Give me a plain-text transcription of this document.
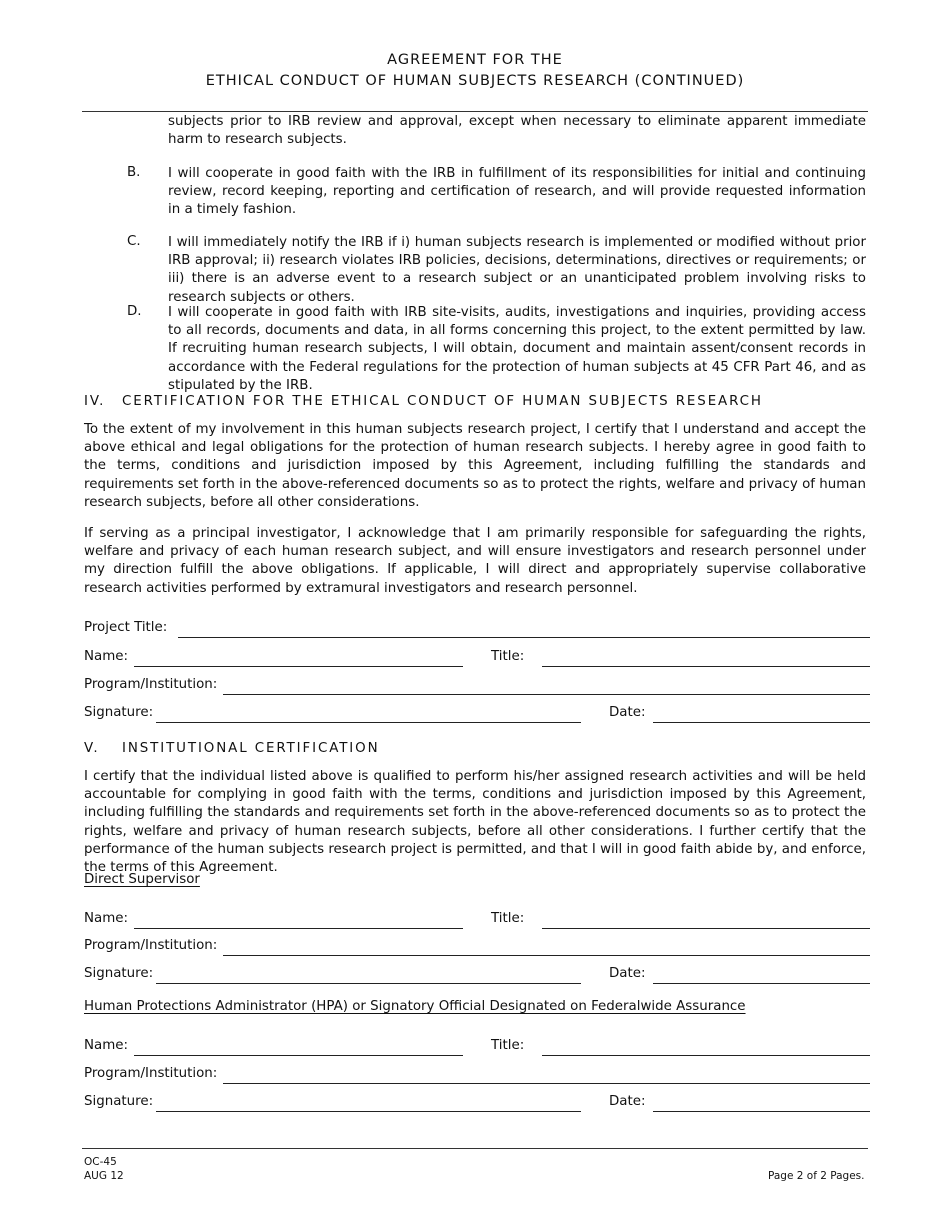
AGREEMENT FOR THE
ETHICAL CONDUCT OF HUMAN SUBJECTS RESEARCH (CONTINUED)
subjects prior to IRB review and approval, except when necessary to eliminate apparent immediate harm to research subjects.
B. I will cooperate in good faith with the IRB in fulfillment of its responsibilities for initial and continuing review, record keeping, reporting and certification of research, and will provide requested information in a timely fashion.
C. I will immediately notify the IRB if i) human subjects research is implemented or modified without prior IRB approval; ii) research violates IRB policies, decisions, determinations, directives or requirements; or iii) there is an adverse event to a research subject or an unanticipated problem involving risks to research subjects or others.
D. I will cooperate in good faith with IRB site-visits, audits, investigations and inquiries, providing access to all records, documents and data, in all forms concerning this project, to the extent permitted by law. If recruiting human research subjects, I will obtain, document and maintain assent/consent records in accordance with the Federal regulations for the protection of human subjects at 45 CFR Part 46, and as stipulated by the IRB.
IV. CERTIFICATION FOR THE ETHICAL CONDUCT OF HUMAN SUBJECTS RESEARCH
To the extent of my involvement in this human subjects research project, I certify that I understand and accept the above ethical and legal obligations for the protection of human research subjects. I hereby agree in good faith to the terms, conditions and jurisdiction imposed by this Agreement, including fulfilling the standards and requirements set forth in the above-referenced documents so as to protect the rights, welfare and privacy of human research subjects, before all other considerations.
If serving as a principal investigator, I acknowledge that I am primarily responsible for safeguarding the rights, welfare and privacy of each human research subject, and will ensure investigators and research personnel under my direction fulfill the above obligations. If applicable, I will direct and appropriately supervise collaborative research activities performed by extramural investigators and research personnel.
Project Title:
Name:	Title:
Program/Institution:
Signature:	Date:
V. INSTITUTIONAL CERTIFICATION
I certify that the individual listed above is qualified to perform his/her assigned research activities and will be held accountable for complying in good faith with the terms, conditions and jurisdiction imposed by this Agreement, including fulfilling the standards and requirements set forth in the above-referenced documents so as to protect the rights, welfare and privacy of human research subjects, before all other considerations. I further certify that the performance of the human subjects research project is permitted, and that I will in good faith abide by, and enforce, the terms of this Agreement.
Direct Supervisor
Name:	Title:
Program/Institution:
Signature:	Date:
Human Protections Administrator (HPA) or Signatory Official Designated on Federalwide Assurance
Name:	Title:
Program/Institution:
Signature:	Date:
OC-45
AUG 12	Page 2 of 2 Pages.
